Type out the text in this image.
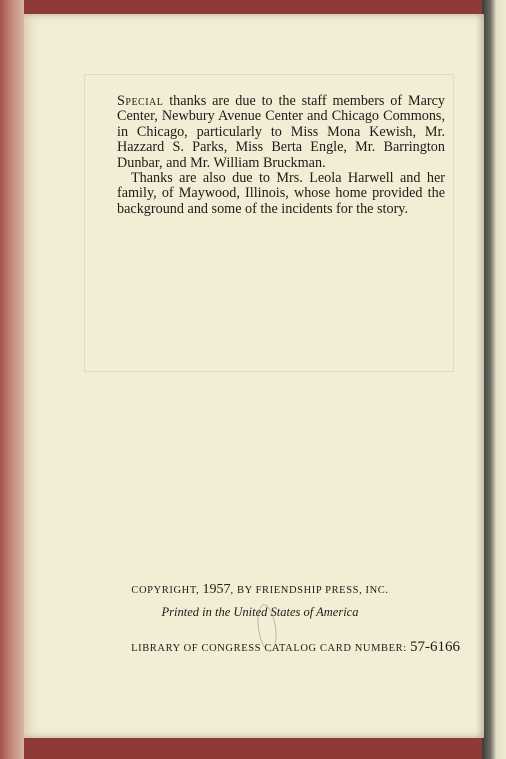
Special thanks are due to the staff members of Marcy Center, Newbury Avenue Center and Chicago Commons, in Chicago, particularly to Miss Mona Kewish, Mr. Hazzard S. Parks, Miss Berta Engle, Mr. Barrington Dunbar, and Mr. William Bruckman.

Thanks are also due to Mrs. Leola Harwell and her family, of Maywood, Illinois, whose home provided the background and some of the incidents for the story.

COPYRIGHT, 1957, BY FRIENDSHIP PRESS, INC.
Printed in the United States of America
LIBRARY OF CONGRESS CATALOG CARD NUMBER: 57-6166
